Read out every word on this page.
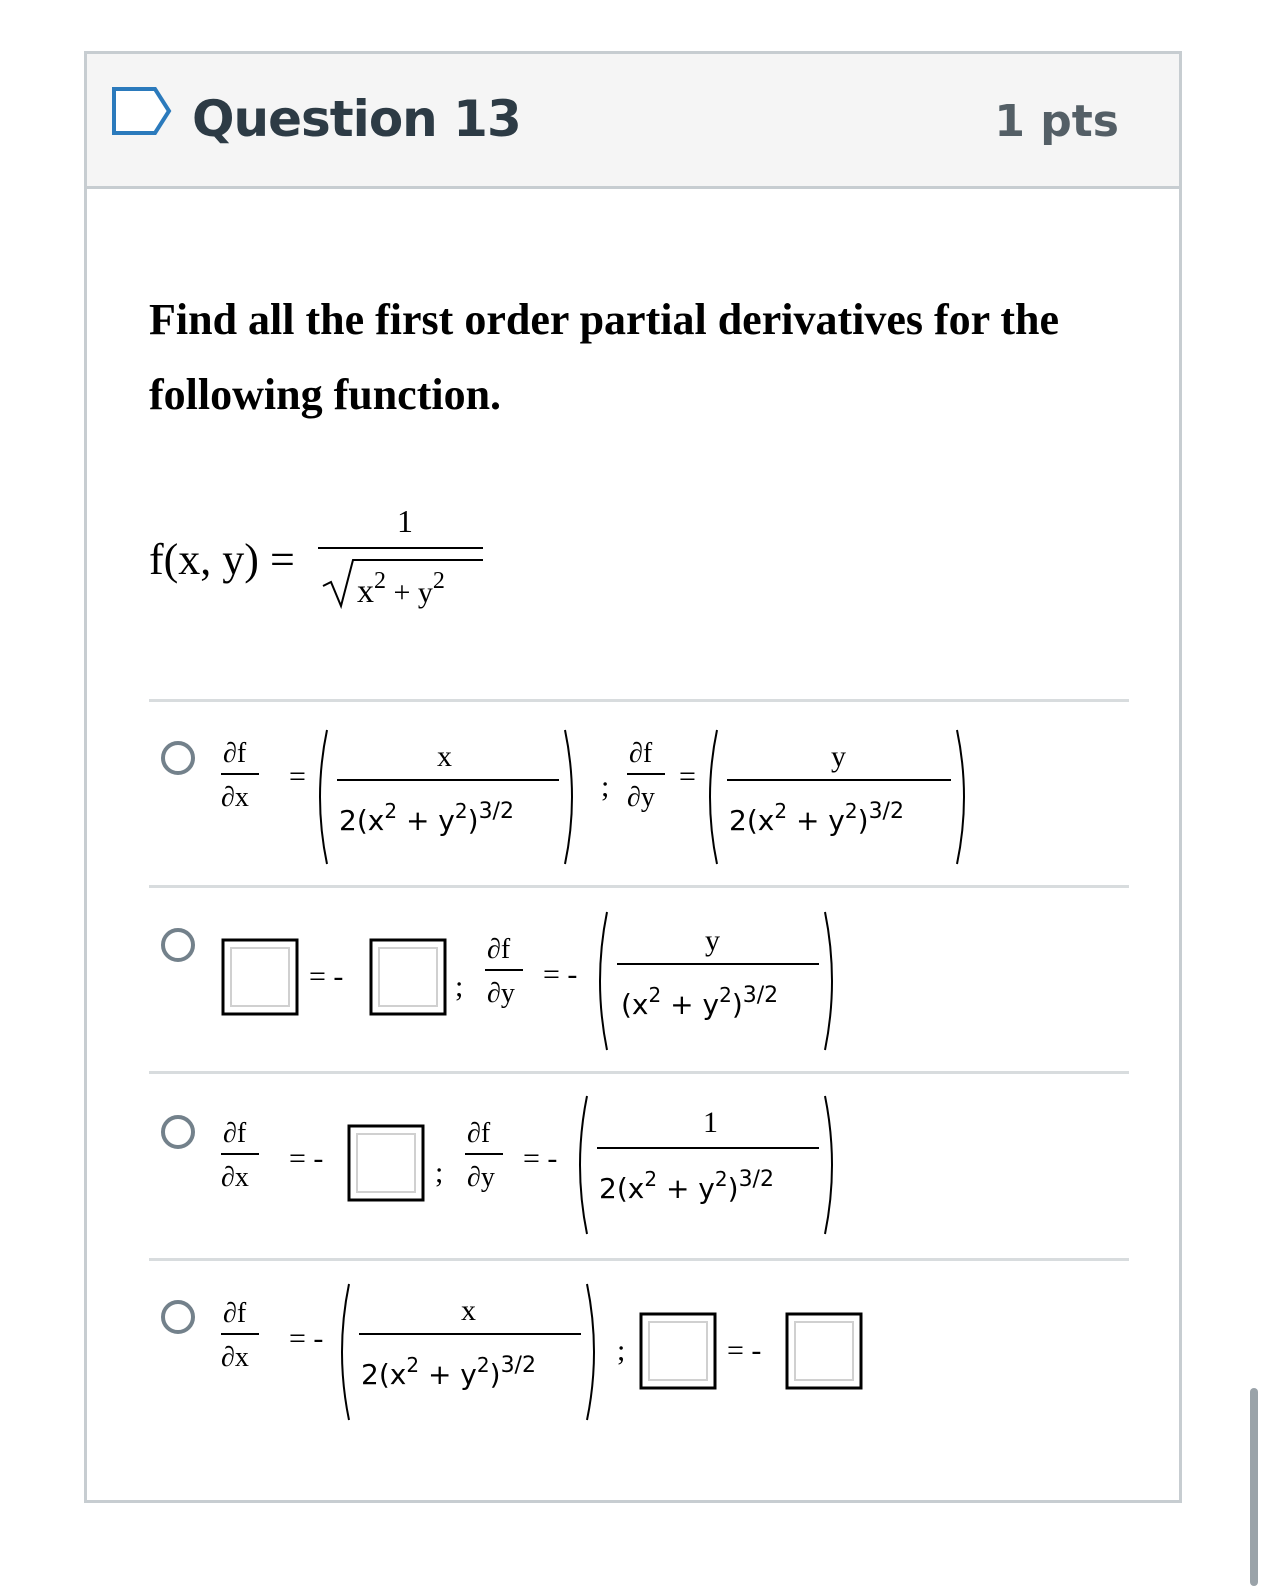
Question 13	1 pts
Find all the first order partial derivatives for the following function.
f(x, y) =
1
$x^2 + y^2$
∂f
∂x
=
x
$2(x^2 + y^2)^{3/2}$
;
∂f
∂y
=
y
$2(x^2 + y^2)^{3/2}$
= -	;
∂f
∂y
= -
y
$(x^2 + y^2)^{3/2}$
∂f
∂x
= -	;
∂f
∂y
= -
1
$2(x^2 + y^2)^{3/2}$
∂f
∂x
= -
x
$2(x^2 + y^2)^{3/2}$	;	= -
